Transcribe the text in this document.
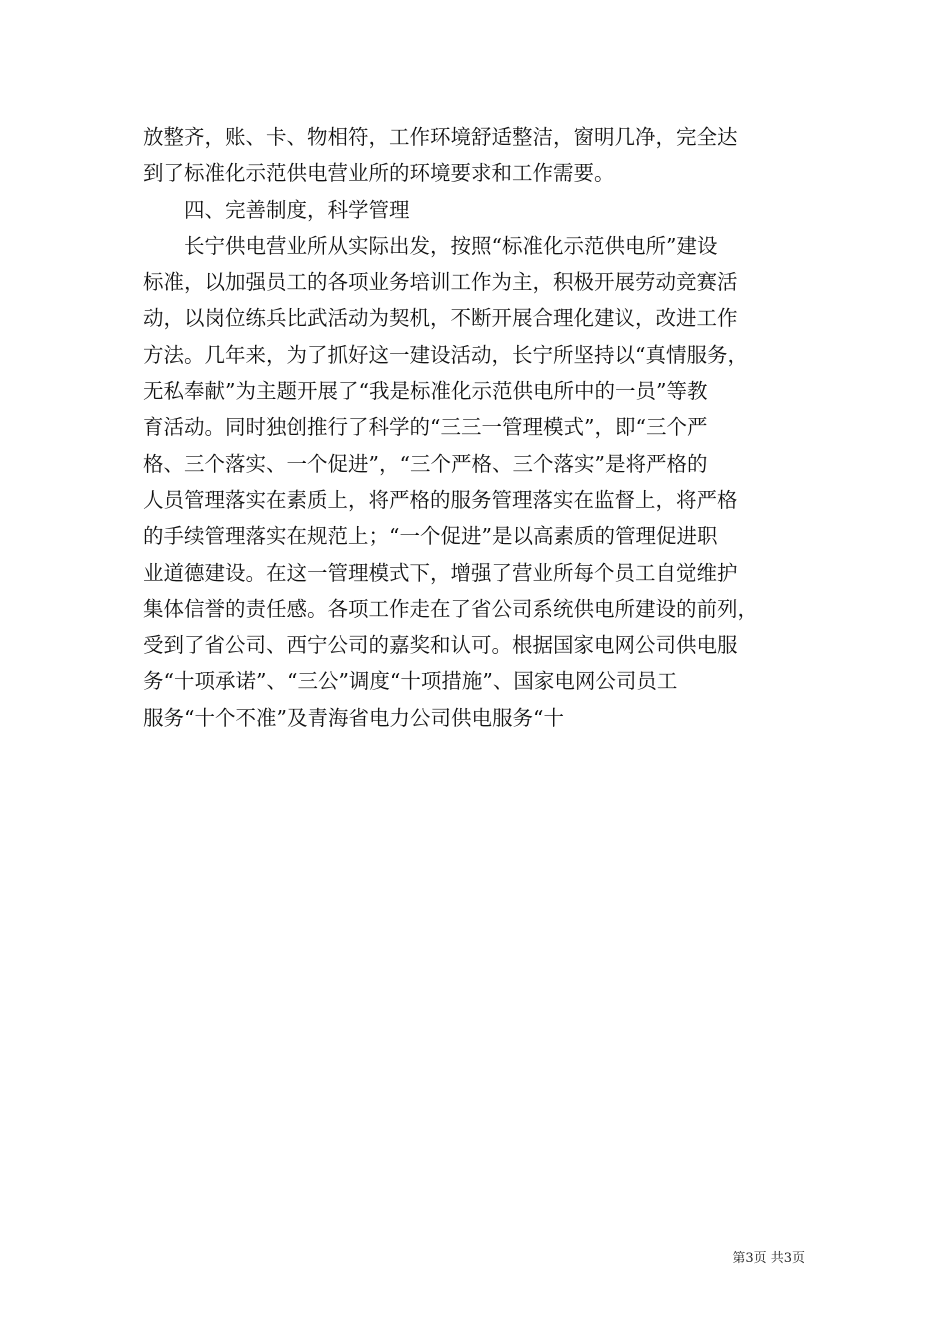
放整齐，账、卡、物相符，工作环境舒适整洁，窗明几净，完全达
到了标准化示范供电营业所的环境要求和工作需要。
四、完善制度，科学管理
长宁供电营业所从实际出发，按照“标准化示范供电所”建设
标准，以加强员工的各项业务培训工作为主，积极开展劳动竞赛活
动，以岗位练兵比武活动为契机，不断开展合理化建议，改进工作
方法。几年来，为了抓好这一建设活动，长宁所坚持以“真情服务，
无私奉献”为主题开展了“我是标准化示范供电所中的一员”等教
育活动。同时独创推行了科学的“三三一管理模式”，即“三个严
格、三个落实、一个促进”，“三个严格、三个落实”是将严格的
人员管理落实在素质上，将严格的服务管理落实在监督上，将严格
的手续管理落实在规范上；“一个促进”是以高素质的管理促进职
业道德建设。在这一管理模式下，增强了营业所每个员工自觉维护
集体信誉的责任感。各项工作走在了省公司系统供电所建设的前列，
受到了省公司、西宁公司的嘉奖和认可。根据国家电网公司供电服
务“十项承诺”、“三公”调度“十项措施”、国家电网公司员工
服务“十个不准”及青海省电力公司供电服务“十
第3页 共3页
